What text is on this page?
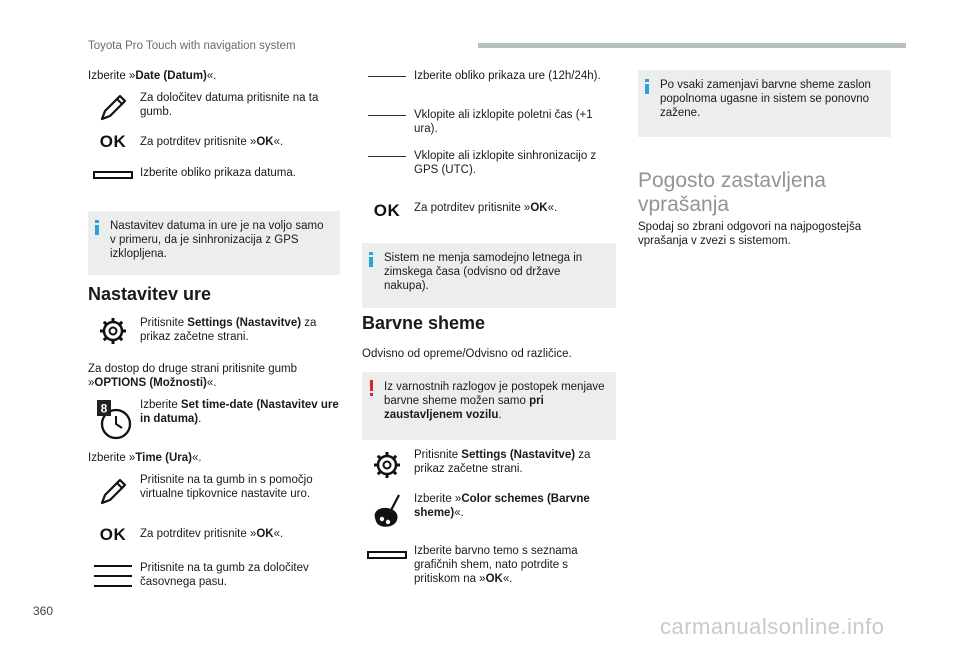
Toyota Pro Touch with navigation system
Izberite »Date (Datum)«.
Za določitev datuma pritisnite na ta gumb.
OK Za potrditev pritisnite »OK«.
Izberite obliko prikaza datuma.
Nastavitev datuma in ure je na voljo samo v primeru, da je sinhronizacija z GPS izklopljena.
Nastavitev ure
Pritisnite Settings (Nastavitve) za prikaz začetne strani.
Za dostop do druge strani pritisnite gumb »OPTIONS (Možnosti)«.
8	Izberite Set time-date (Nastavitev ure in datuma).
Izberite »Time (Ura)«.
Pritisnite na ta gumb in s pomočjo virtualne tipkovnice nastavite uro.
OK Za potrditev pritisnite »OK«.
Pritisnite na ta gumb za določitev časovnega pasu.
Izberite obliko prikaza ure (12h/24h).
Vklopite ali izklopite poletni čas (+1 ura).
Vklopite ali izklopite sinhronizacijo z GPS (UTC).
OK Za potrditev pritisnite »OK«.
Sistem ne menja samodejno letnega in zimskega časa (odvisno od države nakupa).
Barvne sheme
Odvisno od opreme/Odvisno od različice.
Iz varnostnih razlogov je postopek menjave barvne sheme možen samo pri zaustavljenem vozilu.
Pritisnite Settings (Nastavitve) za prikaz začetne strani.
Izberite »Color schemes (Barvne sheme)«.
Izberite barvno temo s seznama grafičnih shem, nato potrdite s pritiskom na »OK«.
Po vsaki zamenjavi barvne sheme zaslon popolnoma ugasne in sistem se ponovno zažene.
Pogosto zastavljena vprašanja
Spodaj so zbrani odgovori na najpogostejša vprašanja v zvezi s sistemom.
360
carmanualsonline.info
